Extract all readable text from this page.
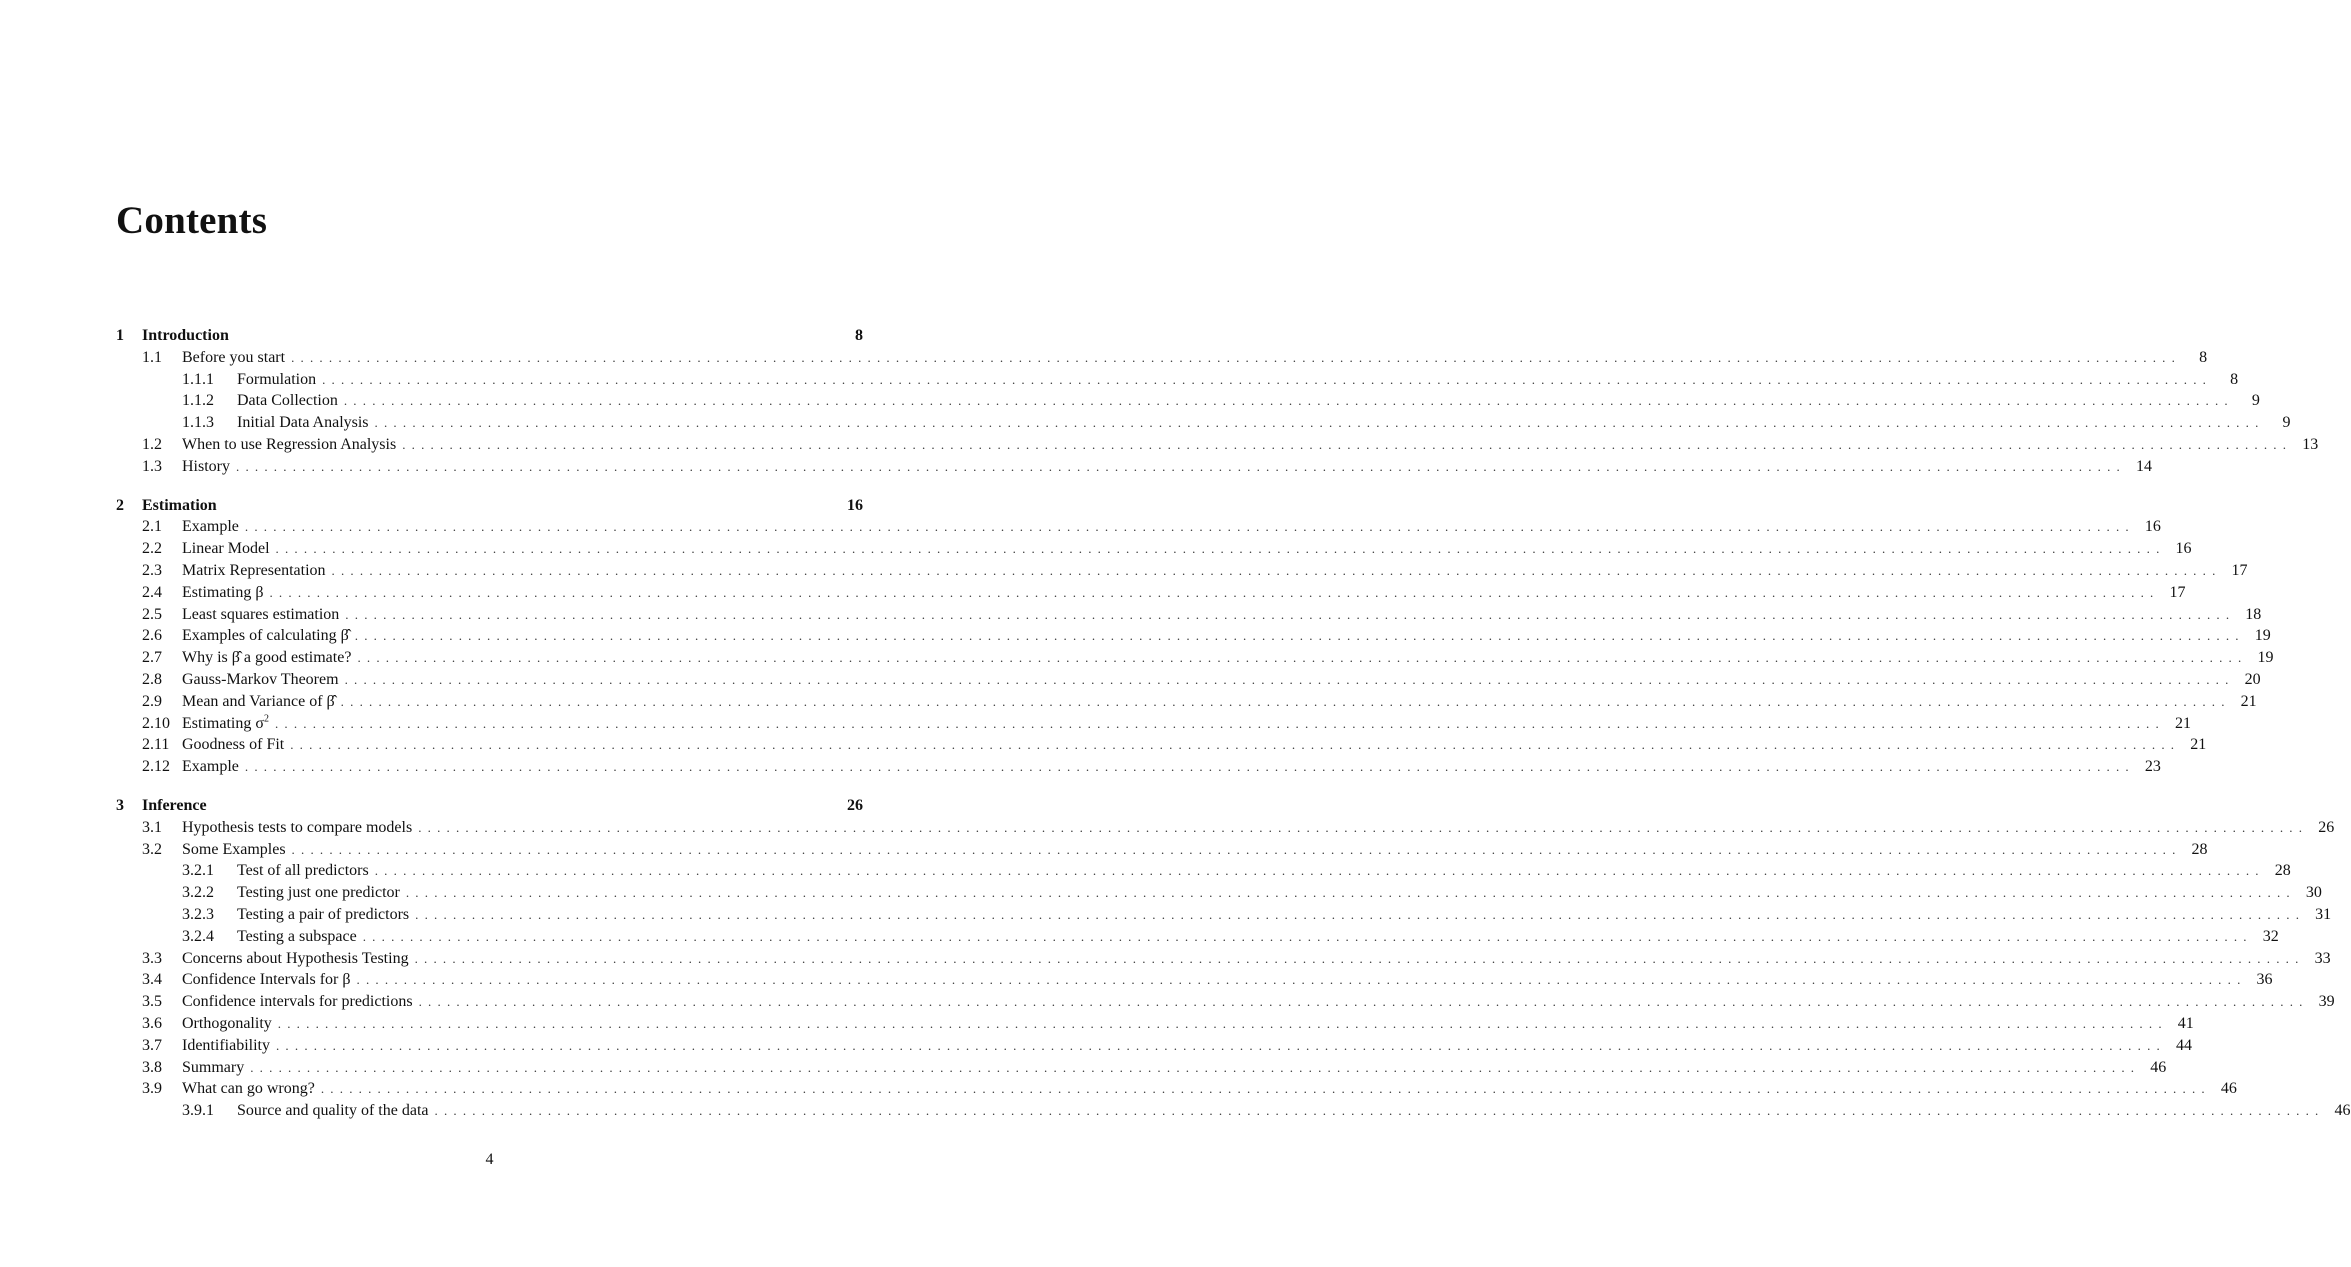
Contents
1	Introduction	8
1.1	Before you start ........................................................................................................................................................................................................	8
1.1.1	Formulation ........................................................................................................................................................................................................	8
1.1.2	Data Collection ........................................................................................................................................................................................................	9
1.1.3	Initial Data Analysis ........................................................................................................................................................................................................	9
1.2	When to use Regression Analysis ........................................................................................................................................................................................................ 13
1.3	History ........................................................................................................................................................................................................ 14
2	Estimation	16
2.1	Example ........................................................................................................................................................................................................ 16
2.2	Linear Model ........................................................................................................................................................................................................ 16
2.3	Matrix Representation ........................................................................................................................................................................................................ 17
2.4	Estimating β ........................................................................................................................................................................................................ 17
2.5	Least squares estimation ........................................................................................................................................................................................................ 18
2.6	Examples of calculating β̂ ........................................................................................................................................................................................................ 19
2.7	Why is β̂ a good estimate? ........................................................................................................................................................................................................ 19
2.8	Gauss-Markov Theorem ........................................................................................................................................................................................................ 20
2.9	Mean and Variance of β̂ ........................................................................................................................................................................................................ 21
2.10 Estimating $\sigma^2$ ........................................................................................................................................................................................................ 21
2.11 Goodness of Fit ........................................................................................................................................................................................................ 21
2.12 Example ........................................................................................................................................................................................................ 23
3	Inference	26
3.1	Hypothesis tests to compare models ........................................................................................................................................................................................................ 26
3.2	Some Examples ........................................................................................................................................................................................................ 28
3.2.1	Test of all predictors ........................................................................................................................................................................................................ 28
3.2.2	Testing just one predictor ........................................................................................................................................................................................................ 30
3.2.3	Testing a pair of predictors ........................................................................................................................................................................................................ 31
3.2.4	Testing a subspace ........................................................................................................................................................................................................ 32
3.3	Concerns about Hypothesis Testing ........................................................................................................................................................................................................ 33
3.4	Confidence Intervals for β ........................................................................................................................................................................................................ 36
3.5	Confidence intervals for predictions ........................................................................................................................................................................................................ 39
3.6	Orthogonality ........................................................................................................................................................................................................ 41
3.7	Identifiability ........................................................................................................................................................................................................ 44
3.8	Summary ........................................................................................................................................................................................................ 46
3.9	What can go wrong? ........................................................................................................................................................................................................ 46
3.9.1	Source and quality of the data ........................................................................................................................................................................................................ 46
4
